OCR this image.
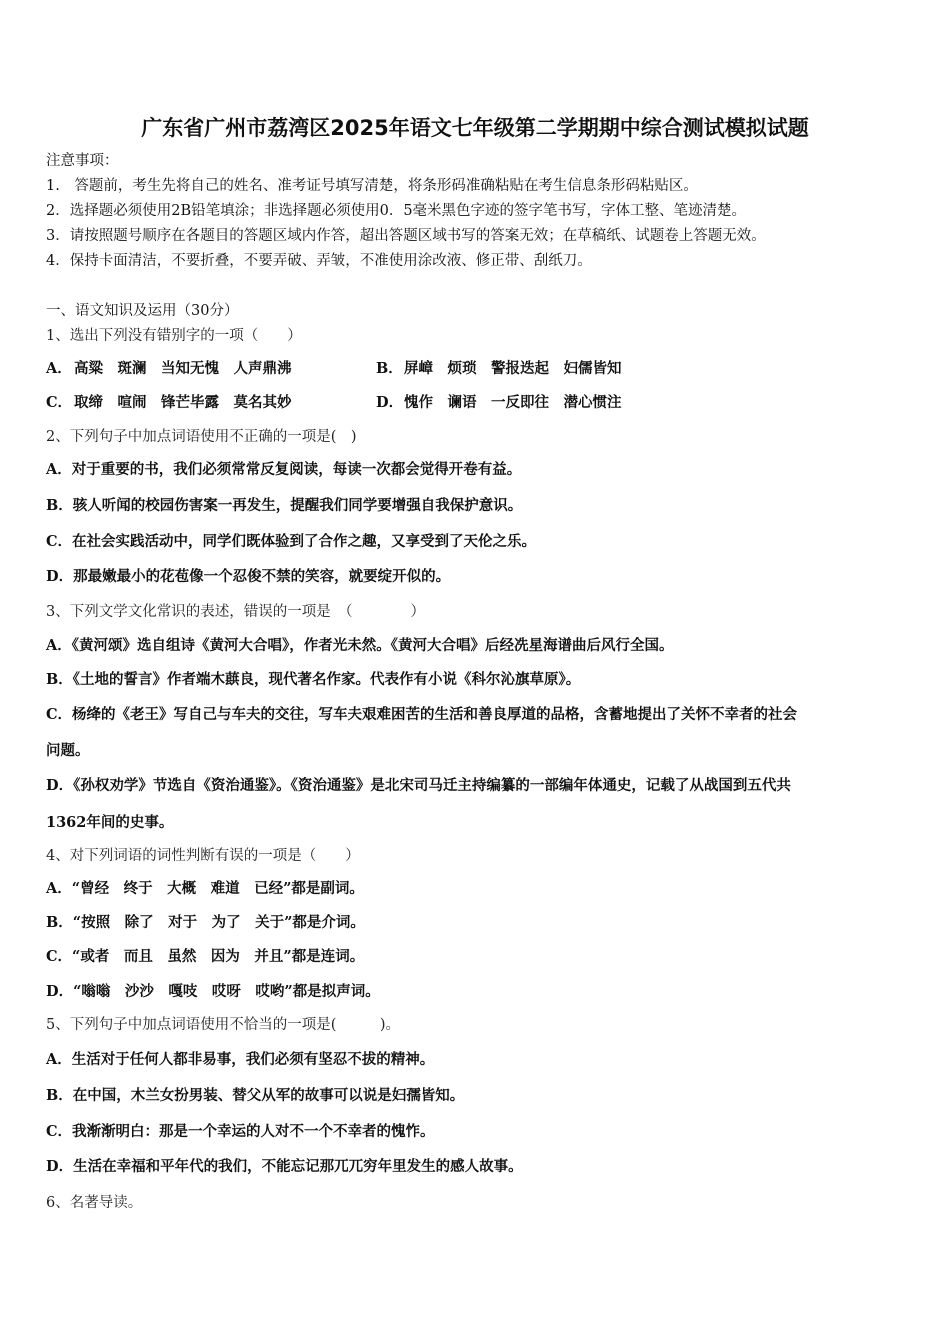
广东省广州市荔湾区2025年语文七年级第二学期期中综合测试模拟试题
注意事项：
1.　答题前，考生先将自己的姓名、准考证号填写清楚，将条形码准确粘贴在考生信息条形码粘贴区。
2．选择题必须使用2B铅笔填涂；非选择题必须使用0．5毫米黑色字迹的签字笔书写，字体工整、笔迹清楚。
3．请按照题号顺序在各题目的答题区域内作答，超出答题区域书写的答案无效；在草稿纸、试题卷上答题无效。
4．保持卡面清洁，不要折叠，不要弄破、弄皱，不准使用涂改液、修正带、刮纸刀。
一、语文知识及运用（30分）
1、选出下列没有错别字的一项（　　）
A． 高粱　斑澜　当知无愧　人声鼎沸	B．屏嶂　烦琐　警报迭起　妇儒皆知
C． 取缔　喧闹　锋芒毕露　莫名其妙	D．愧作　谰语　一反即往　潜心惯注
2、下列句子中加点词语使用不正确的一项是(　)
A．对于重要的书，我们必须常常反复阅读，每读一次都会觉得开卷有益。
B．骇人听闻的校园伤害案一再发生，提醒我们同学要增强自我保护意识。
C．在社会实践活动中，同学们既体验到了合作之趣，又享受到了天伦之乐。
D．那最嫩最小的花苞像一个忍俊不禁的笑容，就要绽开似的。
3、下列文学文化常识的表述，错误的一项是　（　　　　）
A．《黄河颂》选自组诗《黄河大合唱》，作者光未然。《黄河大合唱》后经冼星海谱曲后风行全国。
B．《土地的誓言》作者端木蕻良，现代著名作家。代表作有小说《科尔沁旗草原》。
C．杨绛的《老王》写自己与车夫的交往，写车夫艰难困苦的生活和善良厚道的品格，含蓄地提出了关怀不幸者的社会
问题。
D．《孙权劝学》节选自《资治通鉴》。《资治通鉴》是北宋司马迁主持编纂的一部编年体通史，记载了从战国到五代共
1362年间的史事。
4、对下列词语的词性判断有误的一项是（　　）
A．“曾经　终于　大概　难道　已经”都是副词。
B．“按照　除了　对于　为了　关于”都是介词。
C．“或者　而且　虽然　因为　并且”都是连词。
D．“嗡嗡　沙沙　嘎吱　哎呀　哎哟”都是拟声词。
5、下列句子中加点词语使用不恰当的一项是(　　　)。
A．生活对于任何人都非易事，我们必须有坚忍不拔的精神。
B．在中国，木兰女扮男装、替父从军的故事可以说是妇孺皆知。
C．我渐渐明白：那是一个幸运的人对不一个不幸者的愧怍。
D．生活在幸福和平年代的我们，不能忘记那兀兀穷年里发生的感人故事。
6、名著导读。
